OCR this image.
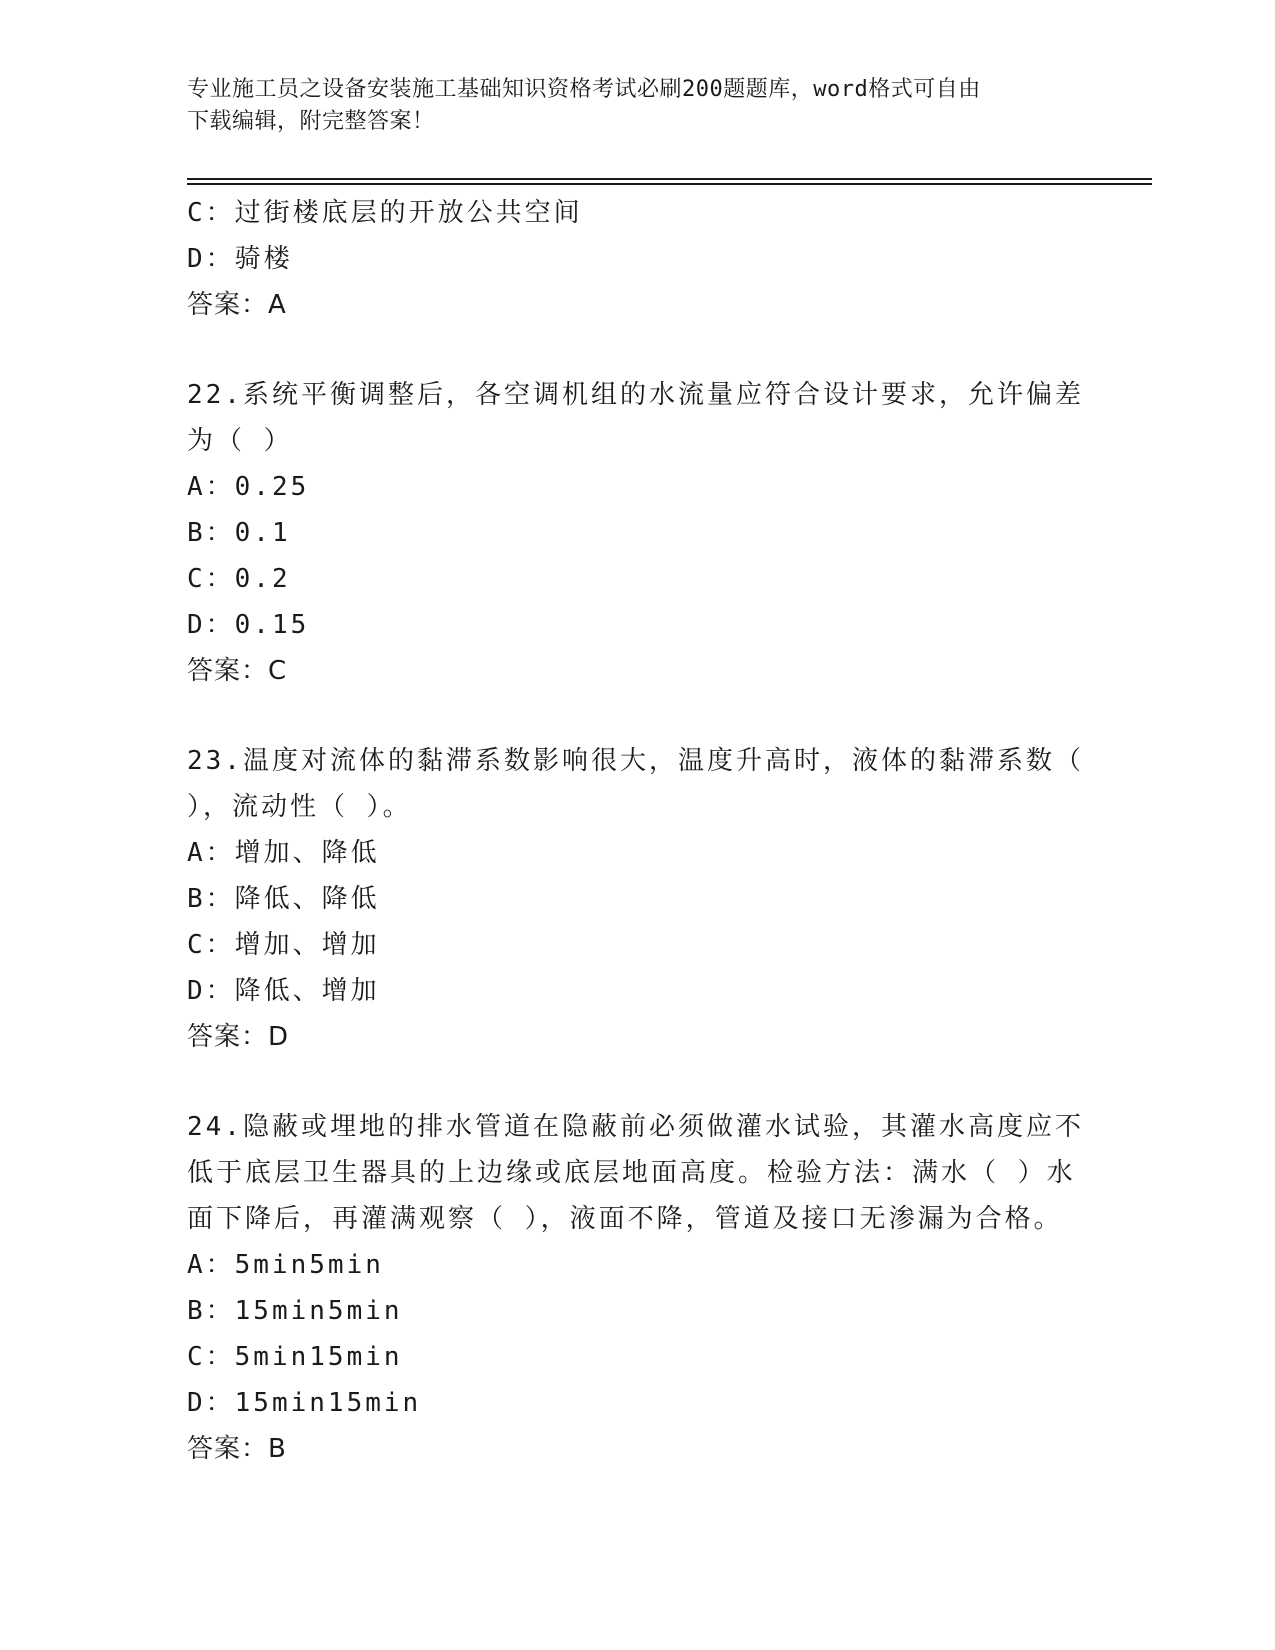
专业施工员之设备安装施工基础知识资格考试必刷200题题库，word格式可自由
下载编辑，附完整答案！
C：过街楼底层的开放公共空间
D：骑楼
答案：A
22.系统平衡调整后，各空调机组的水流量应符合设计要求，允许偏差
为（ ）
A：0.25
B：0.1
C：0.2
D：0.15
答案：C
23.温度对流体的黏滞系数影响很大，温度升高时，液体的黏滞系数（
），流动性（ ）。
A：增加、降低
B：降低、降低
C：增加、增加
D：降低、增加
答案：D
24.隐蔽或埋地的排水管道在隐蔽前必须做灌水试验，其灌水高度应不
低于底层卫生器具的上边缘或底层地面高度。检验方法：满水（ ）水
面下降后，再灌满观察（ ），液面不降，管道及接口无渗漏为合格。
A：5min5min
B：15min5min
C：5min15min
D：15min15min
答案：B
